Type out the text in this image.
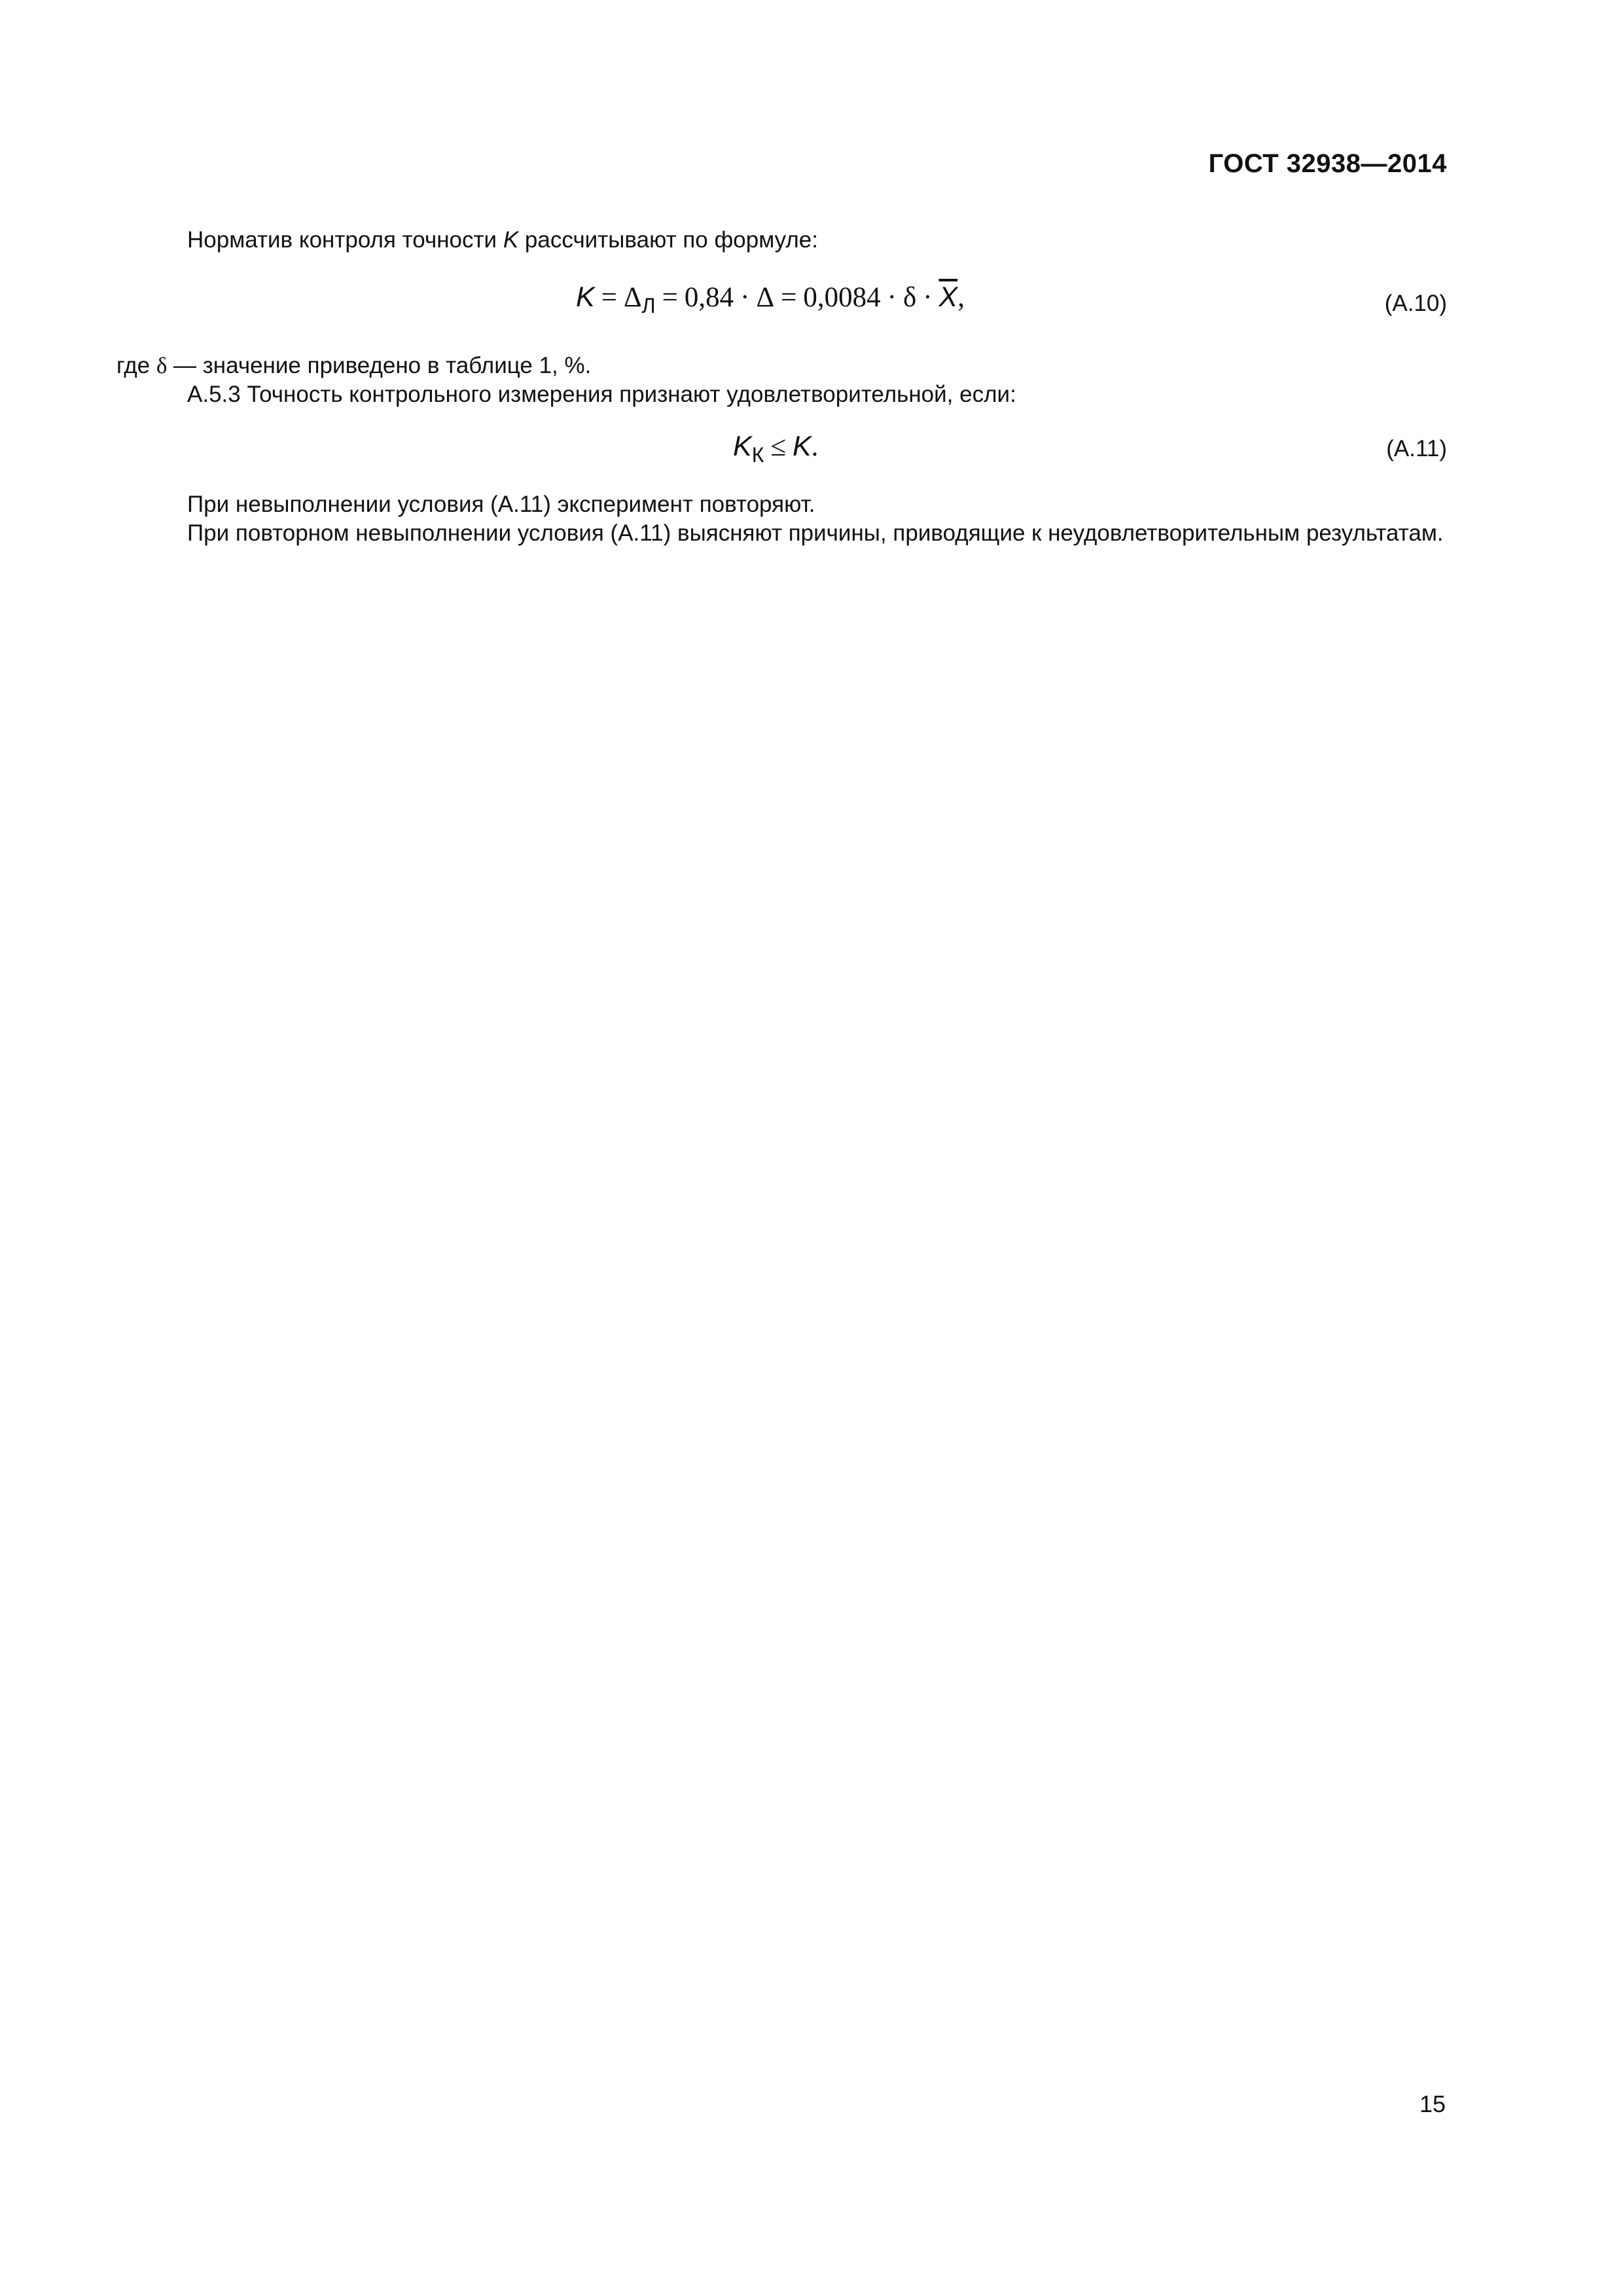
ГОСТ 32938—2014
Норматив контроля точности K рассчитывают по формуле:
$K = \Delta_Л = 0,84 \cdot \Delta = 0,0084 \cdot \delta \cdot \overline{X}$,	(А.10)
где δ — значение приведено в таблице 1, %.
А.5.3 Точность контрольного измерения признают удовлетворительной, если:
$K_К \le K$.	(А.11)
При невыполнении условия (А.11) эксперимент повторяют.
При повторном невыполнении условия (А.11) выясняют причины, приводящие к неудовлетворительным результатам.
15
